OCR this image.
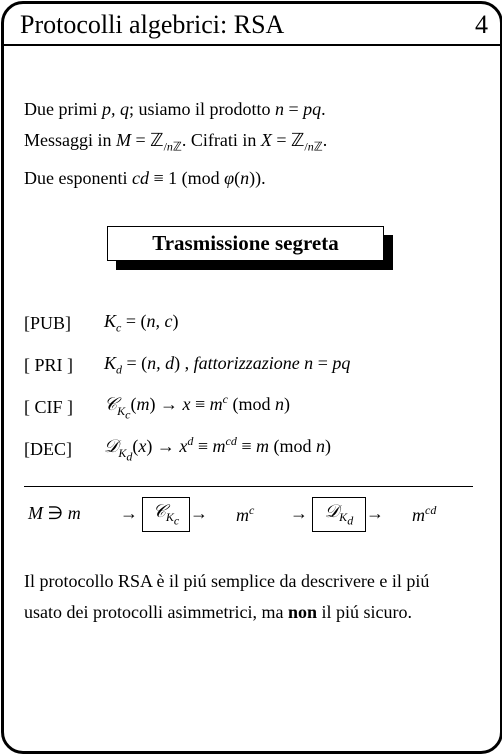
Protocolli algebrici: RSA	4
Due primi p, q; usiamo il prodotto n = pq.
Messaggi in M = ℤ$_{/nℤ}$. Cifrati in X = ℤ$_{/nℤ}$.
Due esponenti cd ≡ 1 (mod φ(n)).
Trasmissione segreta
[PUB]	$K_c = (n$, c)
[ PRI ]	$K_d = (n$, d) , fattorizzazione n = pq
[ CIF ]	𝒞$_{K_c}$(m) → $x \equiv m^c$ (mod n)
[DEC]	𝒟$_{K_d}$(x) → $x^d \equiv m^{cd} \equiv m$ (mod n)
M ∋ m → 𝒞$_{K_c}$ → $m^c$ → 𝒟$_{K_d}$ → $m^{cd}$
Il protocollo RSA è il piú semplice da descrivere e il piú usato dei protocolli asimmetrici, ma non il piú sicuro.
